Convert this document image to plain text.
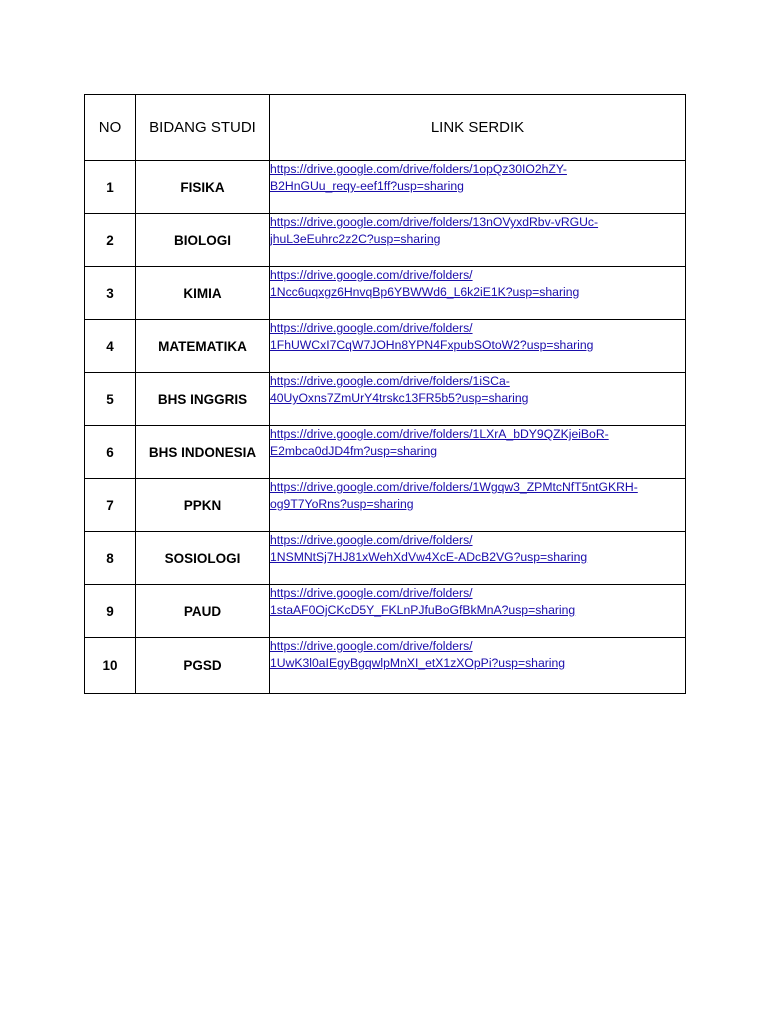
NO	BIDANG STUDI	LINK SERDIK
1	FISIKA	https://drive.google.com/drive/folders/1opQz30IO2hZY-
B2HnGUu_reqy-eef1ff?usp=sharing

2	BIOLOGI	https://drive.google.com/drive/folders/13nOVyxdRbv-vRGUc-
jhuL3eEuhrc2z2C?usp=sharing

3	KIMIA	https://drive.google.com/drive/folders/
1Ncc6uqxgz6HnvqBp6YBWWd6_L6k2iE1K?usp=sharing

4	MATEMATIKA	https://drive.google.com/drive/folders/
1FhUWCxI7CqW7JOHn8YPN4FxpubSOtoW2?usp=sharing

5	BHS INGGRIS	https://drive.google.com/drive/folders/1iSCa-
40UyOxns7ZmUrY4trskc13FR5b5?usp=sharing

6	BHS INDONESIA	https://drive.google.com/drive/folders/1LXrA_bDY9QZKjeiBoR-
E2mbca0dJD4fm?usp=sharing

7	PPKN	https://drive.google.com/drive/folders/1Wgqw3_ZPMtcNfT5ntGKRH-
og9T7YoRns?usp=sharing

8	SOSIOLOGI	https://drive.google.com/drive/folders/
1NSMNtSj7HJ81xWehXdVw4XcE-ADcB2VG?usp=sharing

9	PAUD	https://drive.google.com/drive/folders/
1staAF0OjCKcD5Y_FKLnPJfuBoGfBkMnA?usp=sharing

10	PGSD	https://drive.google.com/drive/folders/
1UwK3l0aIEgyBgqwlpMnXI_etX1zXOpPi?usp=sharing
